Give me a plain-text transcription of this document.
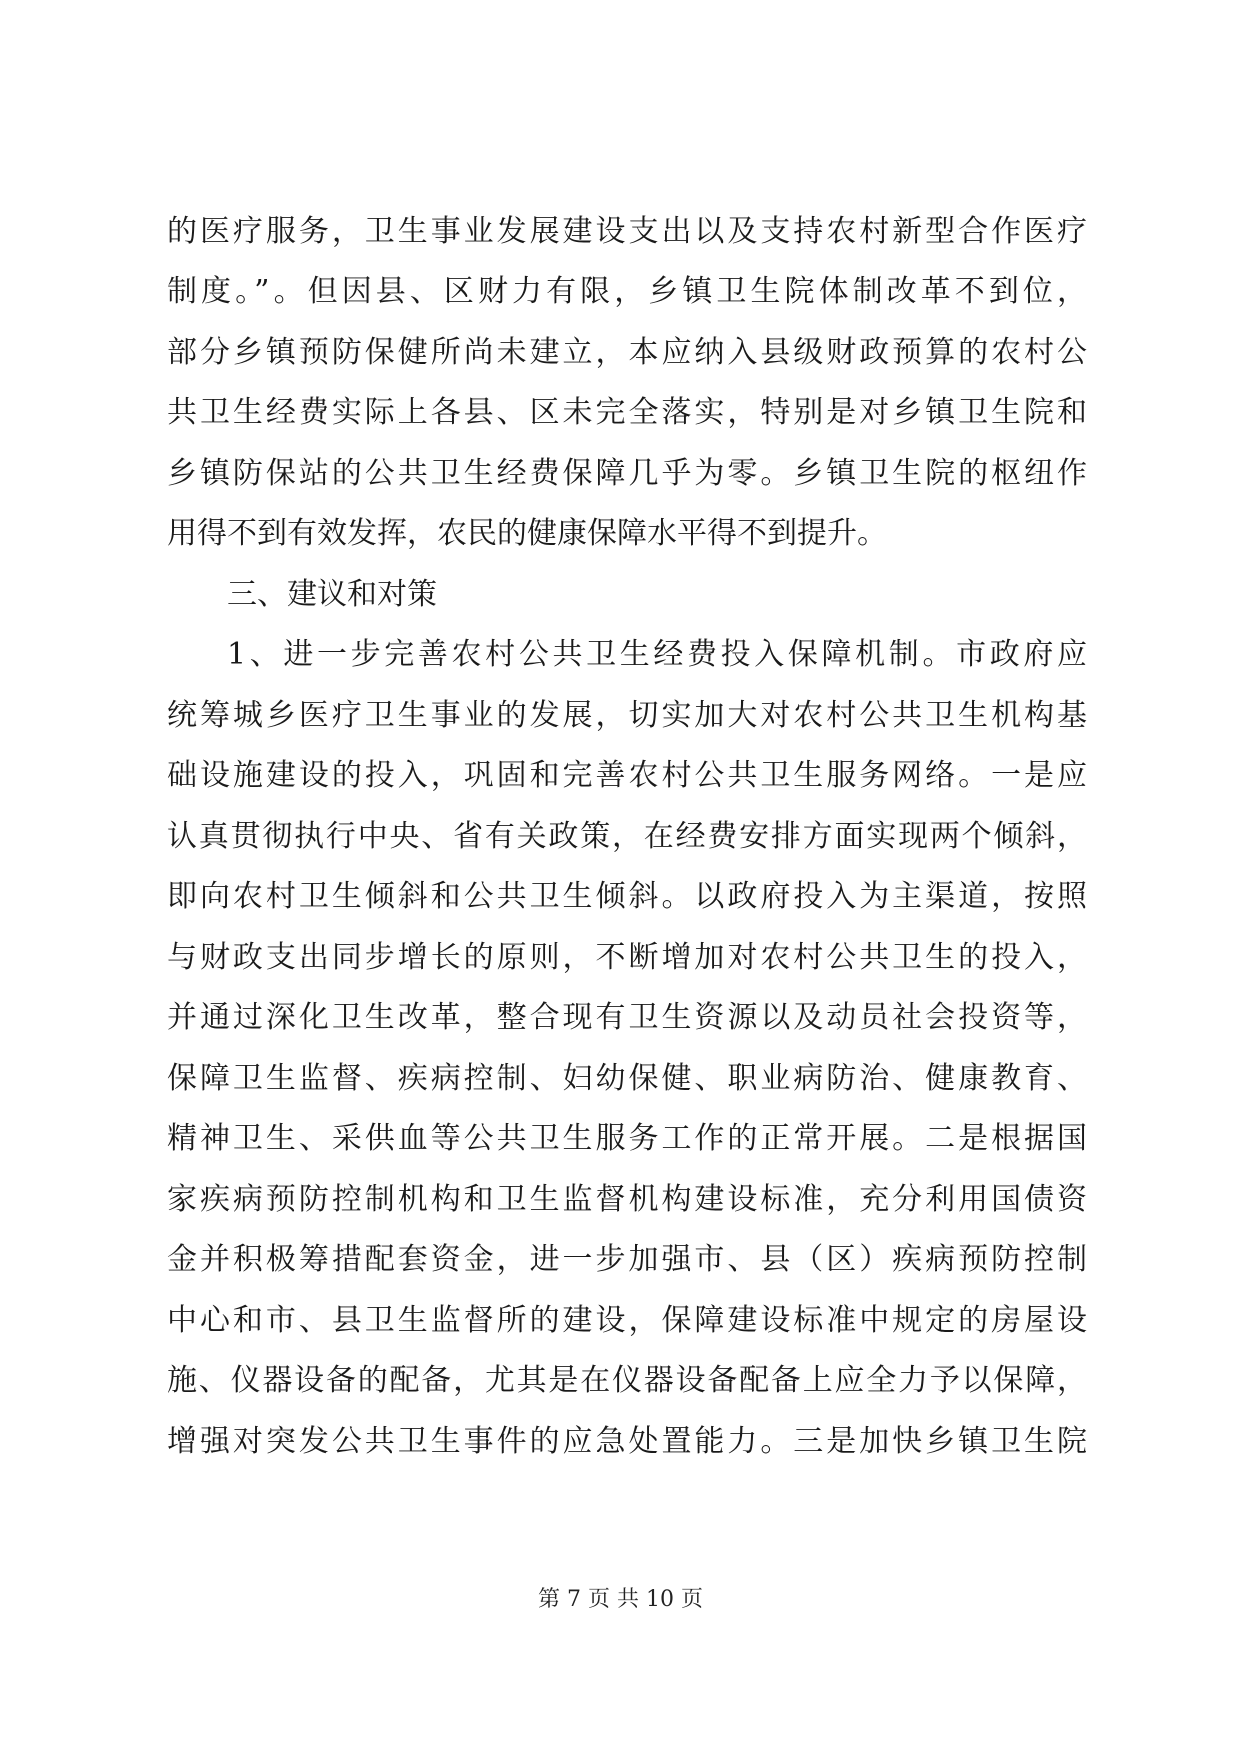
的医疗服务，卫生事业发展建设支出以及支持农村新型合作医疗
制度。”。但因县、区财力有限，乡镇卫生院体制改革不到位，
部分乡镇预防保健所尚未建立，本应纳入县级财政预算的农村公
共卫生经费实际上各县、区未完全落实，特别是对乡镇卫生院和
乡镇防保站的公共卫生经费保障几乎为零。乡镇卫生院的枢纽作
用得不到有效发挥，农民的健康保障水平得不到提升。
三、建议和对策
1、进一步完善农村公共卫生经费投入保障机制。市政府应
统筹城乡医疗卫生事业的发展，切实加大对农村公共卫生机构基
础设施建设的投入，巩固和完善农村公共卫生服务网络。一是应
认真贯彻执行中央、省有关政策，在经费安排方面实现两个倾斜，
即向农村卫生倾斜和公共卫生倾斜。以政府投入为主渠道，按照
与财政支出同步增长的原则，不断增加对农村公共卫生的投入，
并通过深化卫生改革，整合现有卫生资源以及动员社会投资等，
保障卫生监督、疾病控制、妇幼保健、职业病防治、健康教育、
精神卫生、采供血等公共卫生服务工作的正常开展。二是根据国
家疾病预防控制机构和卫生监督机构建设标准，充分利用国债资
金并积极筹措配套资金，进一步加强市、县（区）疾病预防控制
中心和市、县卫生监督所的建设，保障建设标准中规定的房屋设
施、仪器设备的配备，尤其是在仪器设备配备上应全力予以保障，
增强对突发公共卫生事件的应急处置能力。三是加快乡镇卫生院
第 7 页 共 10 页
